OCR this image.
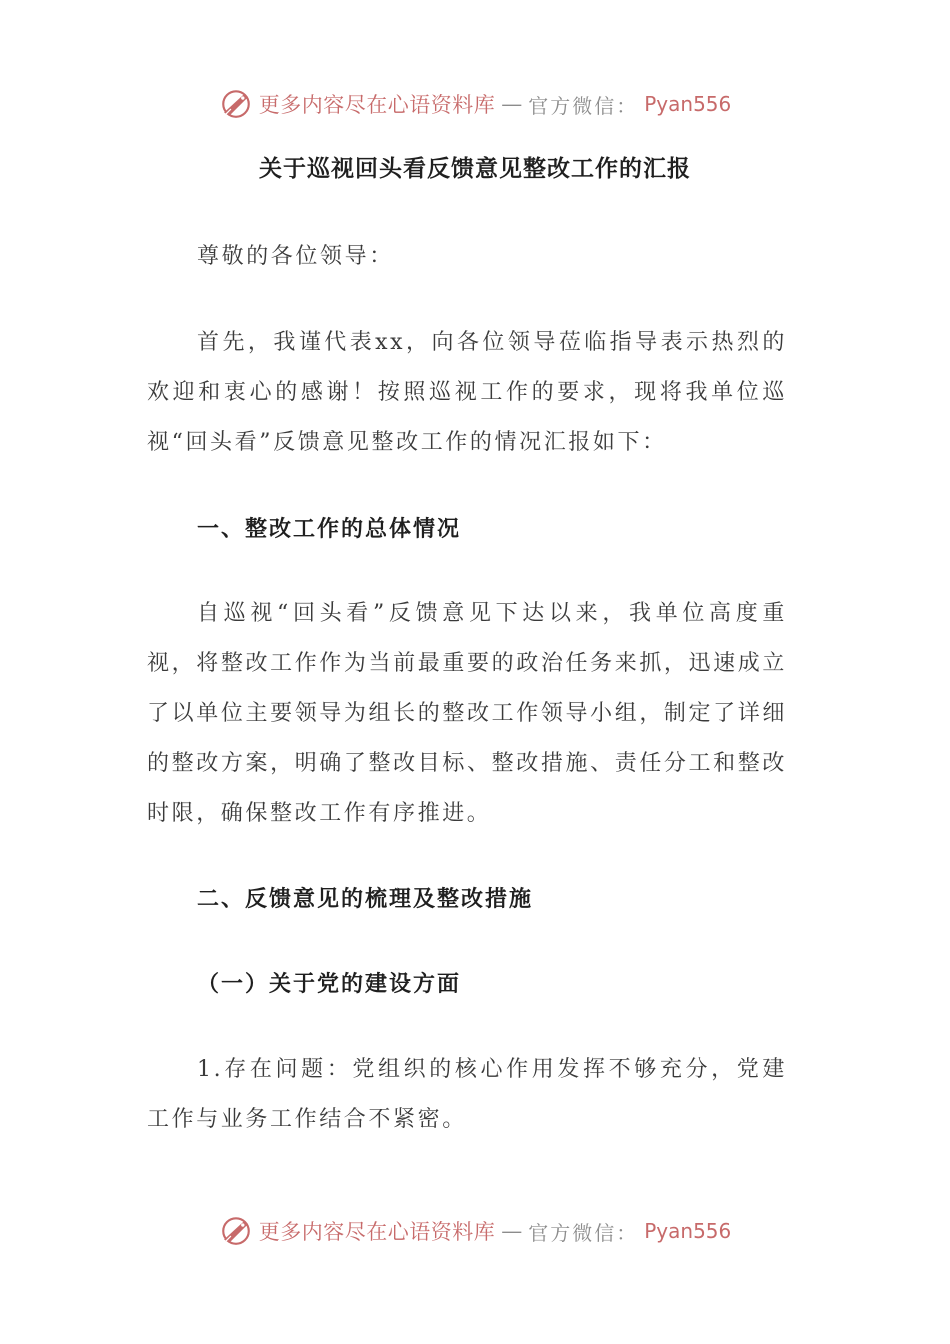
更多内容尽在心语资料库 — 官方微信： Pyan556
关于巡视回头看反馈意见整改工作的汇报

尊敬的各位领导：

首先，我谨代表xx，向各位领导莅临指导表示热烈的欢迎和衷心的感谢！按照巡视工作的要求，现将我单位巡视“回头看”反馈意见整改工作的情况汇报如下：

一、整改工作的总体情况

自巡视“回头看”反馈意见下达以来，我单位高度重视，将整改工作作为当前最重要的政治任务来抓，迅速成立了以单位主要领导为组长的整改工作领导小组，制定了详细的整改方案，明确了整改目标、整改措施、责任分工和整改时限，确保整改工作有序推进。

二、反馈意见的梳理及整改措施
（一）关于党的建设方面

1.存在问题：党组织的核心作用发挥不够充分，党建工作与业务工作结合不紧密。

更多内容尽在心语资料库 — 官方微信： Pyan556
